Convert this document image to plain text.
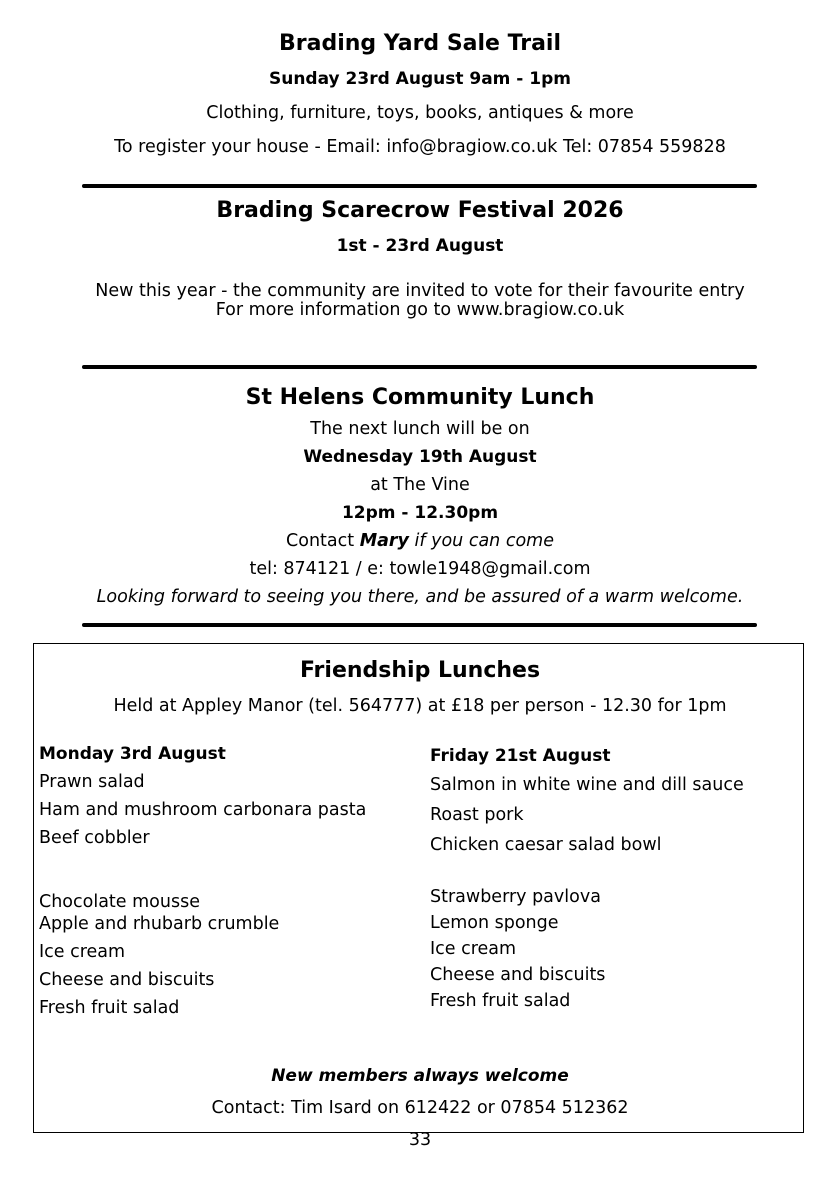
Brading Yard Sale Trail
Sunday 23rd August 9am - 1pm
Clothing, furniture, toys, books, antiques & more
To register your house - Email: info@bragiow.co.uk Tel: 07854 559828
Brading Scarecrow Festival 2026
1st - 23rd August
New this year - the community are invited to vote for their favourite entry
For more information go to www.bragiow.co.uk
St Helens Community Lunch
The next lunch will be on
Wednesday 19th August
at The Vine
12pm - 12.30pm
Contact Mary if you can come
tel: 874121 / e: towle1948@gmail.com
Looking forward to seeing you there, and be assured of a warm welcome.
Friendship Lunches
Held at Appley Manor (tel. 564777) at £18 per person - 12.30 for 1pm
Monday 3rd August
Prawn salad
Ham and mushroom carbonara pasta
Beef cobbler
Chocolate mousse
Apple and rhubarb crumble
Ice cream
Cheese and biscuits
Fresh fruit salad
Friday 21st August
Salmon in white wine and dill sauce
Roast pork
Chicken caesar salad bowl
Strawberry pavlova
Lemon sponge
Ice cream
Cheese and biscuits
Fresh fruit salad
New members always welcome
Contact: Tim Isard on 612422 or 07854 512362
33
